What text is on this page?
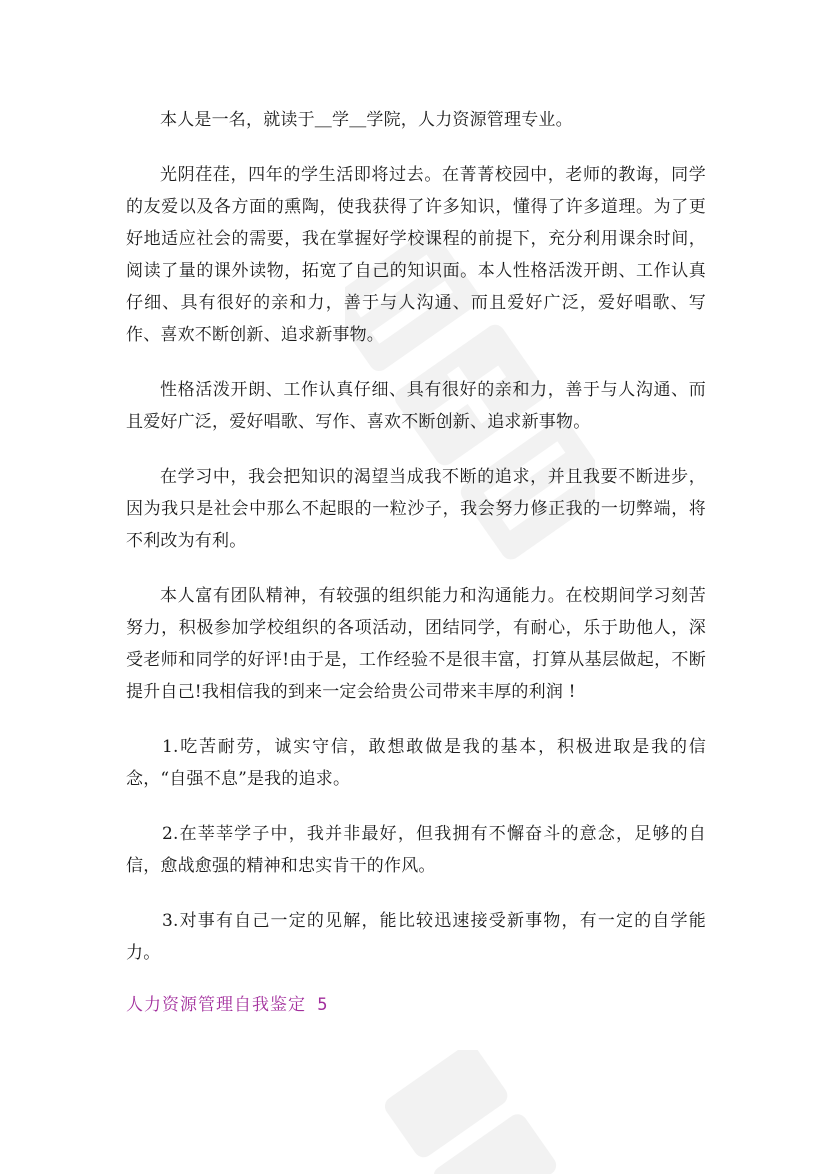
本人是一名，就读于＿学＿学院，人力资源管理专业。

光阴荏荏，四年的学生活即将过去。在菁菁校园中，老师的教诲，同学的友爱以及各方面的熏陶，使我获得了许多知识，懂得了许多道理。为了更好地适应社会的需要，我在掌握好学校课程的前提下，充分利用课余时间，阅读了量的课外读物，拓宽了自己的知识面。本人性格活泼开朗、工作认真仔细、具有很好的亲和力，善于与人沟通、而且爱好广泛，爱好唱歌、写作、喜欢不断创新、追求新事物。

性格活泼开朗、工作认真仔细、具有很好的亲和力，善于与人沟通、而且爱好广泛，爱好唱歌、写作、喜欢不断创新、追求新事物。

在学习中，我会把知识的渴望当成我不断的追求，并且我要不断进步，因为我只是社会中那么不起眼的一粒沙子，我会努力修正我的一切弊端，将不利改为有利。

本人富有团队精神，有较强的组织能力和沟通能力。在校期间学习刻苦努力，积极参加学校组织的各项活动，团结同学，有耐心，乐于助他人，深受老师和同学的好评!由于是，工作经验不是很丰富，打算从基层做起，不断提升自己!我相信我的到来一定会给贵公司带来丰厚的利润 !

1.吃苦耐劳，诚实守信，敢想敢做是我的基本，积极进取是我的信念，“自强不息”是我的追求。

2.在莘莘学子中，我并非最好，但我拥有不懈奋斗的意念，足够的自信，愈战愈强的精神和忠实肯干的作风。

3.对事有自己一定的见解，能比较迅速接受新事物，有一定的自学能力。

人力资源管理自我鉴定 5
